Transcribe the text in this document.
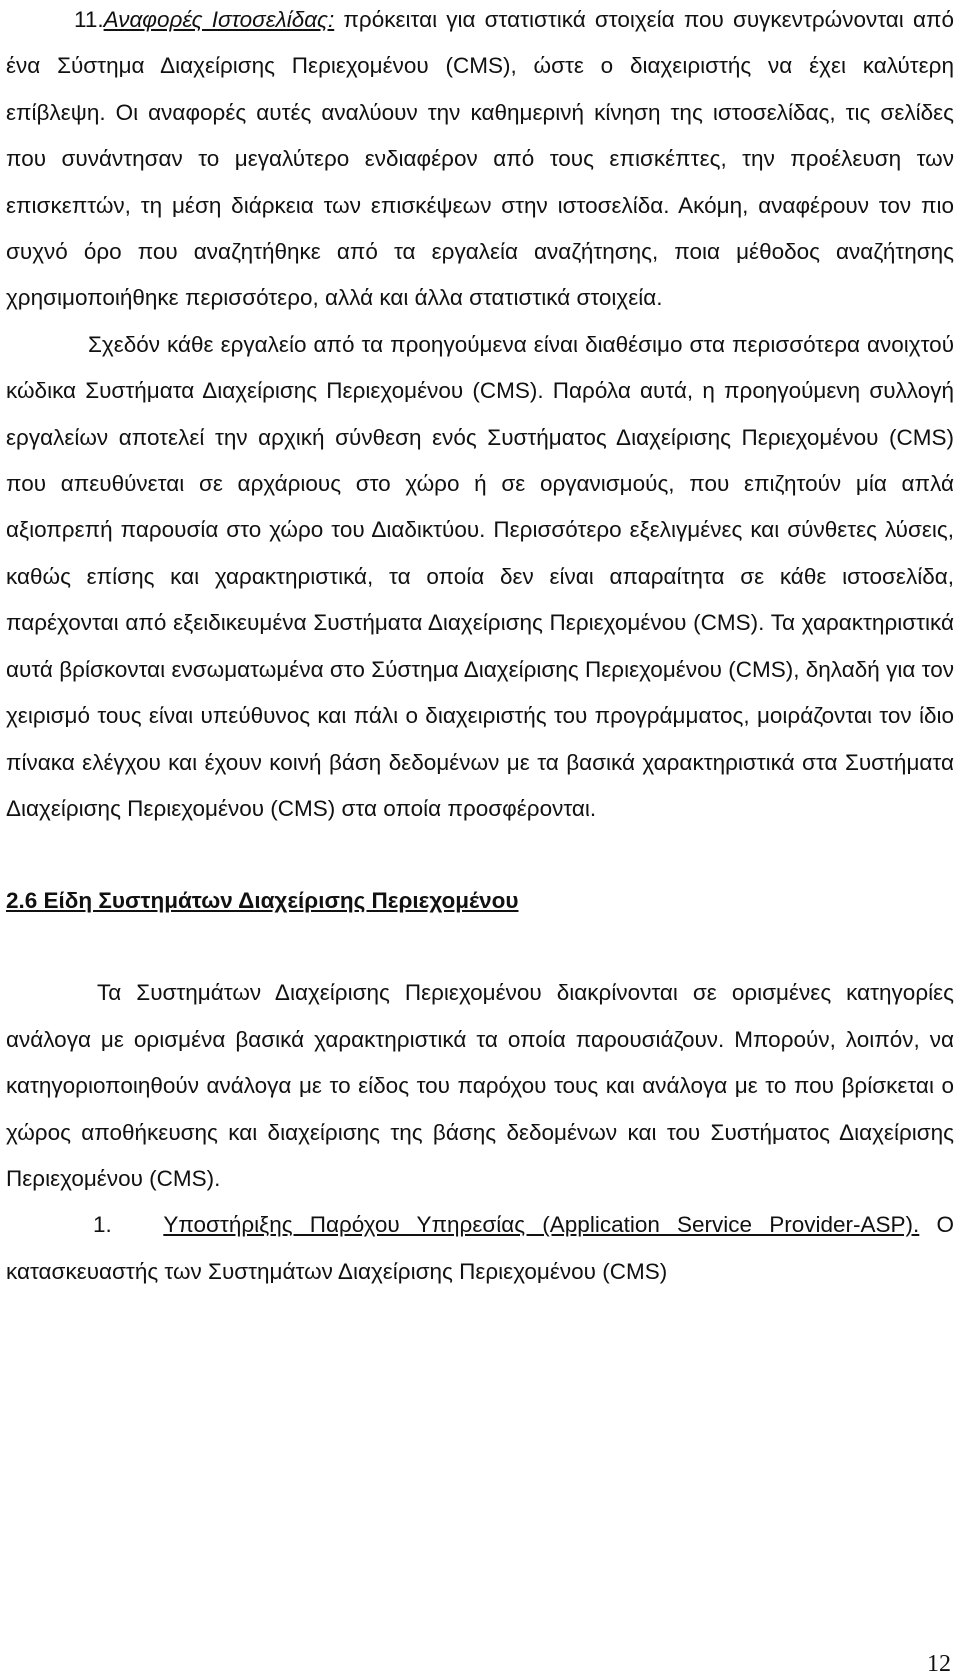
11.Αναφορές Ιστοσελίδας: πρόκειται για στατιστικά στοιχεία που συγκεντρώνονται από ένα Σύστημα Διαχείρισης Περιεχομένου (CMS), ώστε ο διαχειριστής να έχει καλύτερη επίβλεψη. Οι αναφορές αυτές αναλύουν την καθημερινή κίνηση της ιστοσελίδας, τις σελίδες που συνάντησαν το μεγαλύτερο ενδιαφέρον από τους επισκέπτες, την προέλευση των επισκεπτών, τη μέση διάρκεια των επισκέψεων στην ιστοσελίδα. Ακόμη, αναφέρουν τον πιο συχνό όρο που αναζητήθηκε από τα εργαλεία αναζήτησης, ποια μέθοδος αναζήτησης χρησιμοποιήθηκε περισσότερο, αλλά και άλλα στατιστικά στοιχεία.

Σχεδόν κάθε εργαλείο από τα προηγούμενα είναι διαθέσιμο στα περισσότερα ανοιχτού κώδικα Συστήματα Διαχείρισης Περιεχομένου (CMS). Παρόλα αυτά, η προηγούμενη συλλογή εργαλείων αποτελεί την αρχική σύνθεση ενός Συστήματος Διαχείρισης Περιεχομένου (CMS) που απευθύνεται σε αρχάριους στο χώρο ή σε οργανισμούς, που επιζητούν μία απλά αξιοπρεπή παρουσία στο χώρο του Διαδικτύου. Περισσότερο εξελιγμένες και σύνθετες λύσεις, καθώς επίσης και χαρακτηριστικά, τα οποία δεν είναι απαραίτητα σε κάθε ιστοσελίδα, παρέχονται από εξειδικευμένα Συστήματα Διαχείρισης Περιεχομένου (CMS). Τα χαρακτηριστικά αυτά βρίσκονται ενσωματωμένα στο Σύστημα Διαχείρισης Περιεχομένου (CMS), δηλαδή για τον χειρισμό τους είναι υπεύθυνος και πάλι ο διαχειριστής του προγράμματος, μοιράζονται τον ίδιο πίνακα ελέγχου και έχουν κοινή βάση δεδομένων με τα βασικά χαρακτηριστικά στα Συστήματα Διαχείρισης Περιεχομένου (CMS) στα οποία προσφέρονται.

2.6 Είδη Συστημάτων Διαχείρισης Περιεχομένου

Τα Συστημάτων Διαχείρισης Περιεχομένου διακρίνονται σε ορισμένες κατηγορίες ανάλογα με ορισμένα βασικά χαρακτηριστικά τα οποία παρουσιάζουν. Μπορούν, λοιπόν, να κατηγοριοποιηθούν ανάλογα με το είδος του παρόχου τους και ανάλογα με το που βρίσκεται ο χώρος αποθήκευσης και διαχείρισης της βάσης δεδομένων και του Συστήματος Διαχείρισης Περιεχομένου (CMS).

1. Υποστήριξης Παρόχου Υπηρεσίας (Application Service Provider-ASP). Ο κατασκευαστής των Συστημάτων Διαχείρισης Περιεχομένου (CMS)

12
